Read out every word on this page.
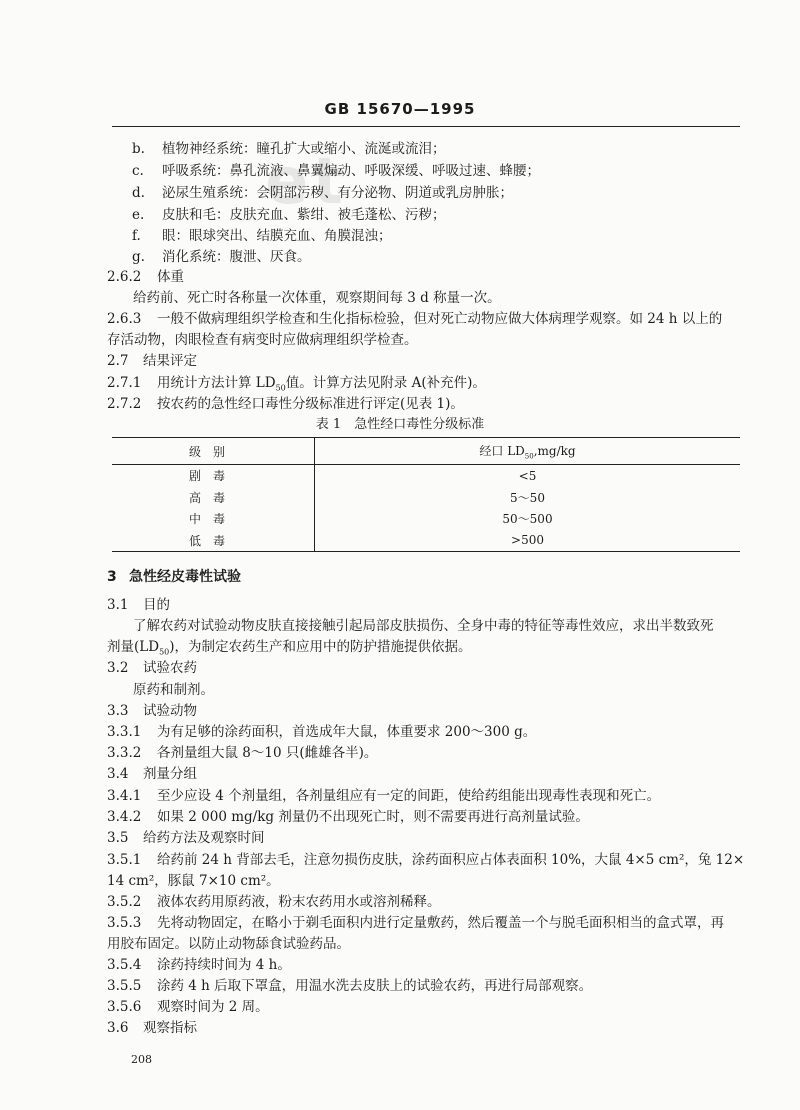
et
GB 15670—1995
b. 植物神经系统：瞳孔扩大或缩小、流涎或流泪；
c. 呼吸系统：鼻孔流液、鼻翼煽动、呼吸深缓、呼吸过速、蜂腰；
d. 泌尿生殖系统：会阴部污秽、有分泌物、阴道或乳房肿胀；
e. 皮肤和毛：皮肤充血、紫绀、被毛蓬松、污秽；
f. 眼：眼球突出、结膜充血、角膜混浊；
g. 消化系统：腹泄、厌食。
2.6.2 体重
给药前、死亡时各称量一次体重，观察期间每 3 d 称量一次。
2.6.3 一般不做病理组织学检查和生化指标检验，但对死亡动物应做大体病理学观察。如 24 h 以上的
存活动物，肉眼检查有病变时应做病理组织学检查。
2.7 结果评定
2.7.1 用统计方法计算 $LD_{50}$值。计算方法见附录 A(补充件)。
2.7.2 按农药的急性经口毒性分级标准进行评定(见表 1)。
表 1　急性经口毒性分级标准
级别	经口 $LD_{50},mg/kg$
剧毒	<5
高毒	5～50
中毒	50～500
低毒	>500
3 急性经皮毒性试验
3.1 目的
了解农药对试验动物皮肤直接接触引起局部皮肤损伤、全身中毒的特征等毒性效应，求出半数致死
剂量$(LD_{50})$，为制定农药生产和应用中的防护措施提供依据。
3.2 试验农药
原药和制剂。
3.3 试验动物
3.3.1 为有足够的涂药面积，首选成年大鼠，体重要求 200～300 g。
3.3.2 各剂量组大鼠 8～10 只(雌雄各半)。
3.4 剂量分组
3.4.1 至少应设 4 个剂量组，各剂量组应有一定的间距，使给药组能出现毒性表现和死亡。
3.4.2 如果 2 000 mg/kg 剂量仍不出现死亡时，则不需要再进行高剂量试验。
3.5 给药方法及观察时间
3.5.1 给药前 24 h 背部去毛，注意勿损伤皮肤，涂药面积应占体表面积 10%，大鼠 4×5 cm²，兔 12×
14 cm²，豚鼠 7×10 cm²。
3.5.2 液体农药用原药液，粉末农药用水或溶剂稀释。
3.5.3 先将动物固定，在略小于剃毛面积内进行定量敷药，然后覆盖一个与脱毛面积相当的盒式罩，再
用胶布固定。以防止动物舔食试验药品。
3.5.4 涂药持续时间为 4 h。
3.5.5 涂药 4 h 后取下罩盒，用温水洗去皮肤上的试验农药，再进行局部观察。
3.5.6 观察时间为 2 周。
3.6 观察指标
208
